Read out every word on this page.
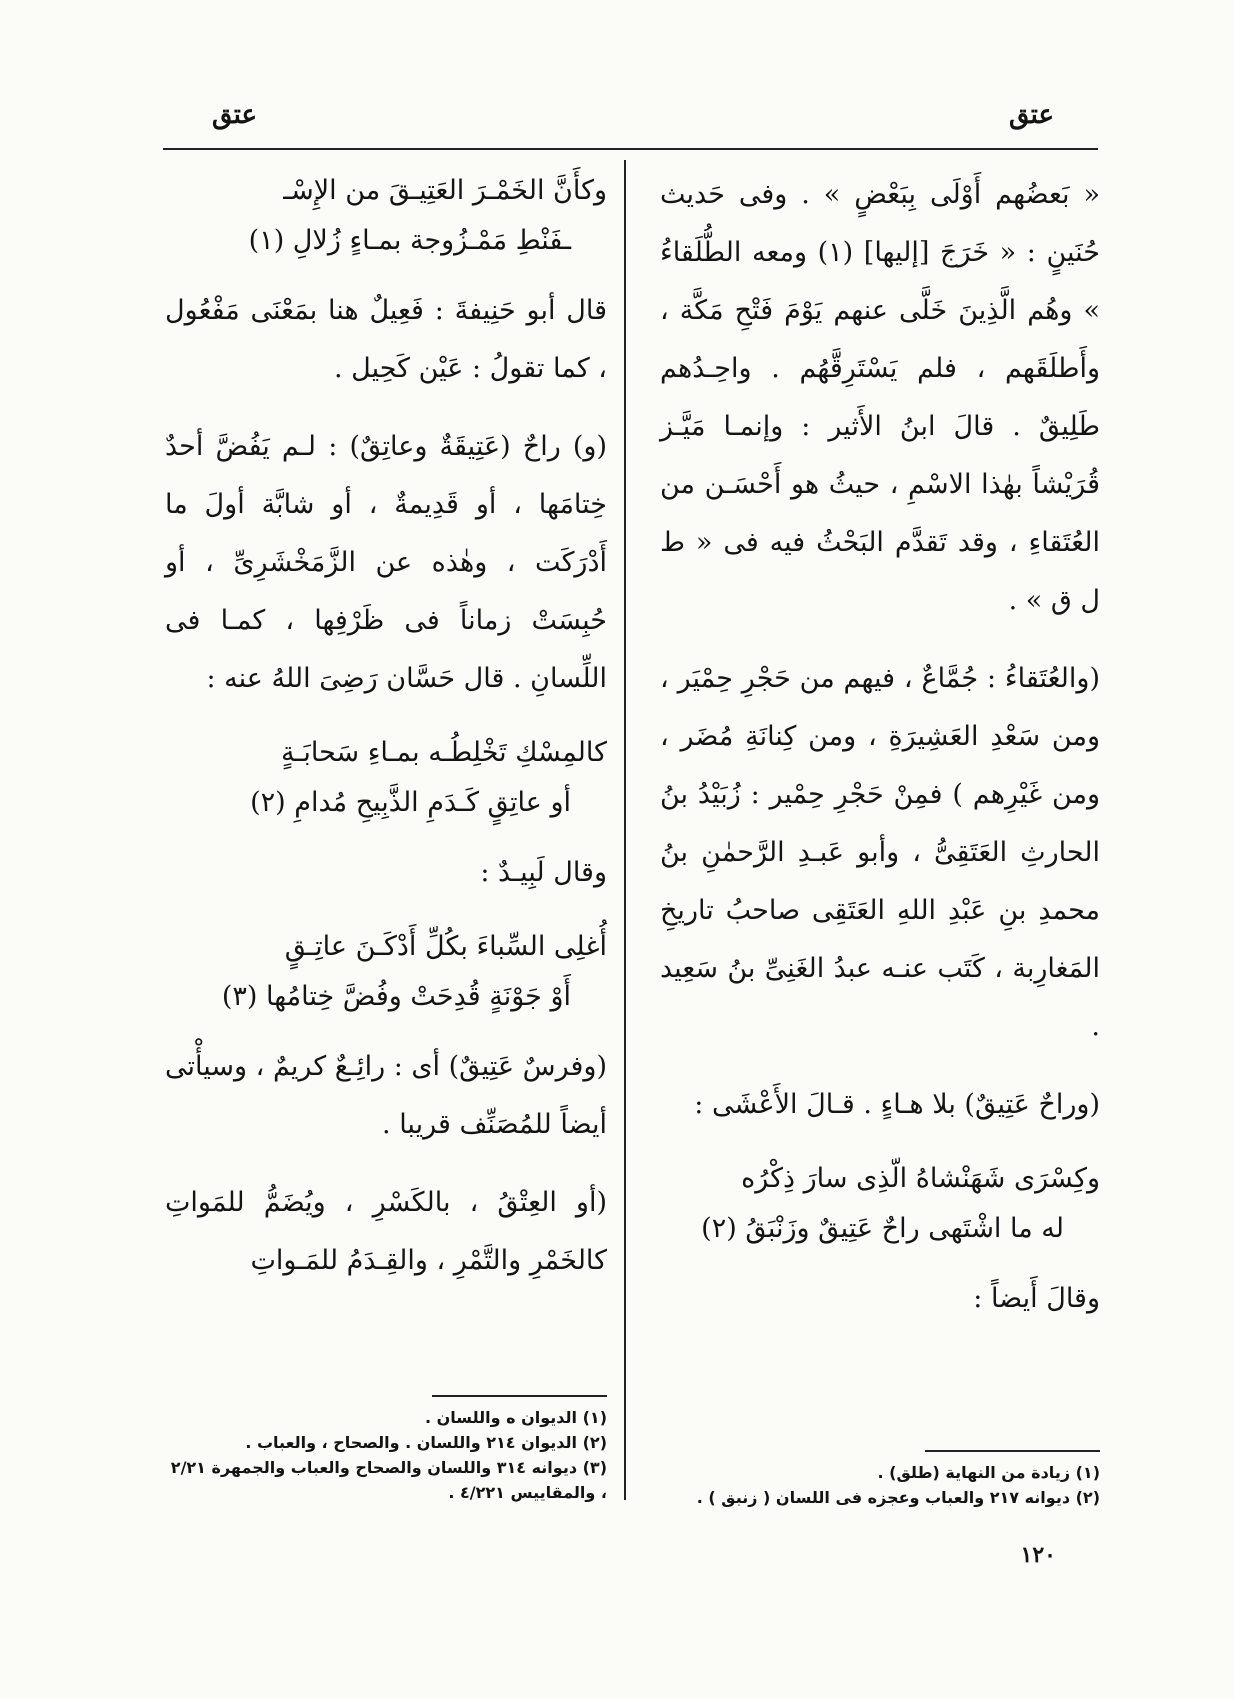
عتق
عتق

« بَعضُهم أَوْلَى بِبَعْضٍ » . وفى حَديث حُنَينٍ : « خَرَجَ [إليها] (١) ومعه الطُّلَقاءُ » وهُم الَّذِينَ خَلَّى عنهم يَوْمَ فَتْحِ مَكَّة ، وأَطلَقَهم ، فلم يَسْتَرِقَّهُم . واحِـدُهم طَلِيقٌ . قالَ ابنُ الأَثير : وإنمـا مَيَّـز قُرَيْشاً بهٰذا الاسْمِ ، حيثُ هو أَحْسَـن من العُتَقاءِ ، وقد تَقدَّم البَحْثُ فيه فى « ط ل ق » .

(والعُتَقاءُ : جُمَّاعٌ ، فيهم من حَجْرِ حِمْيَر ، ومن سَعْدِ العَشِيرَةِ ، ومن كِنانَةِ مُضَر ، ومن غَيْرِهم ) فمِنْ حَجْرِ حِمْير : زُبَيْدُ بنُ الحارثِ العَتَقِىُّ ، وأبو عَبـدِ الرَّحمٰنِ بنُ محمدِ بنِ عَبْدِ اللهِ العَتَقِى صاحبُ تاريخِ المَغارِبة ، كَتَب عنـه عبدُ الغَنِىِّ بنُ سَعِيد .

(وراحٌ عَتِيقٌ) بلا هـاءٍ . قـالَ الأَعْشَى :

وكِسْرَى شَهَنْشاهُ الّذِى سارَ ذِكْرُه
له ما اشْتَهى راحٌ عَتِيقٌ وزَنْبَقُ (٢)

وقالَ أَيضاً :

وكأَنَّ الخَمْـرَ العَتِيـقَ من الإِسْـ
ـفَنْطِ مَمْـزُوجة بمـاءٍ زُلالِ (١)

قال أبو حَنِيفةَ : فَعِيلٌ هنا بمَعْنَى مَفْعُول ، كما تقولُ : عَيْن كَحِيل .

(و) راحٌ (عَتِيقَةٌ وعاتِقٌ) : لـم يَفُضَّ أحدٌ خِتامَها ، أو قَدِيمةٌ ، أو شابَّة أولَ ما أَدْرَكَت ، وهٰذه عن الزَّمَخْشَرِىِّ ، أو حُبِسَتْ زماناً فى ظَرْفِها ، كمـا فى اللِّسانِ . قال حَسَّان رَضِىَ اللهُ عنه :

كالمِسْكِ تَخْلِطُـه بمـاءِ سَحابَـةٍ
أو عاتِقٍ كَـدَمِ الذَّبِيحِ مُدامِ (٢)

وقال لَبِيـدٌ :

أُغلِى السِّباءَ بكُلِّ أَدْكَـنَ عاتِـقٍ
أَوْ جَوْنَةٍ قُدِحَتْ وفُضَّ خِتامُها (٣)

(وفرسٌ عَتِيقٌ) أى : رائِـعٌ كريمٌ ، وسيأْتى أيضاً للمُصَنِّف قريبا .

(أو العِتْقُ ، بالكَسْرِ ، ويُضَمُّ للمَواتِ كالخَمْرِ والتَّمْرِ ، والقِـدَمُ للمَـواتِ

(١) زيادة من النهاية (طلق) .

(٢) ديوانه ٢١٧ والعباب وعجزه فى اللسان ( زنبق ) .

(١) الديوان ه واللسان .

(٢) الديوان ٢١٤ واللسان . والصحاح ، والعباب .

(٣) ديوانه ٣١٤ واللسان والصحاح والعباب والجمهرة ٢/٢١ ، والمقاييس ٤/٢٢١ .

١٢٠
